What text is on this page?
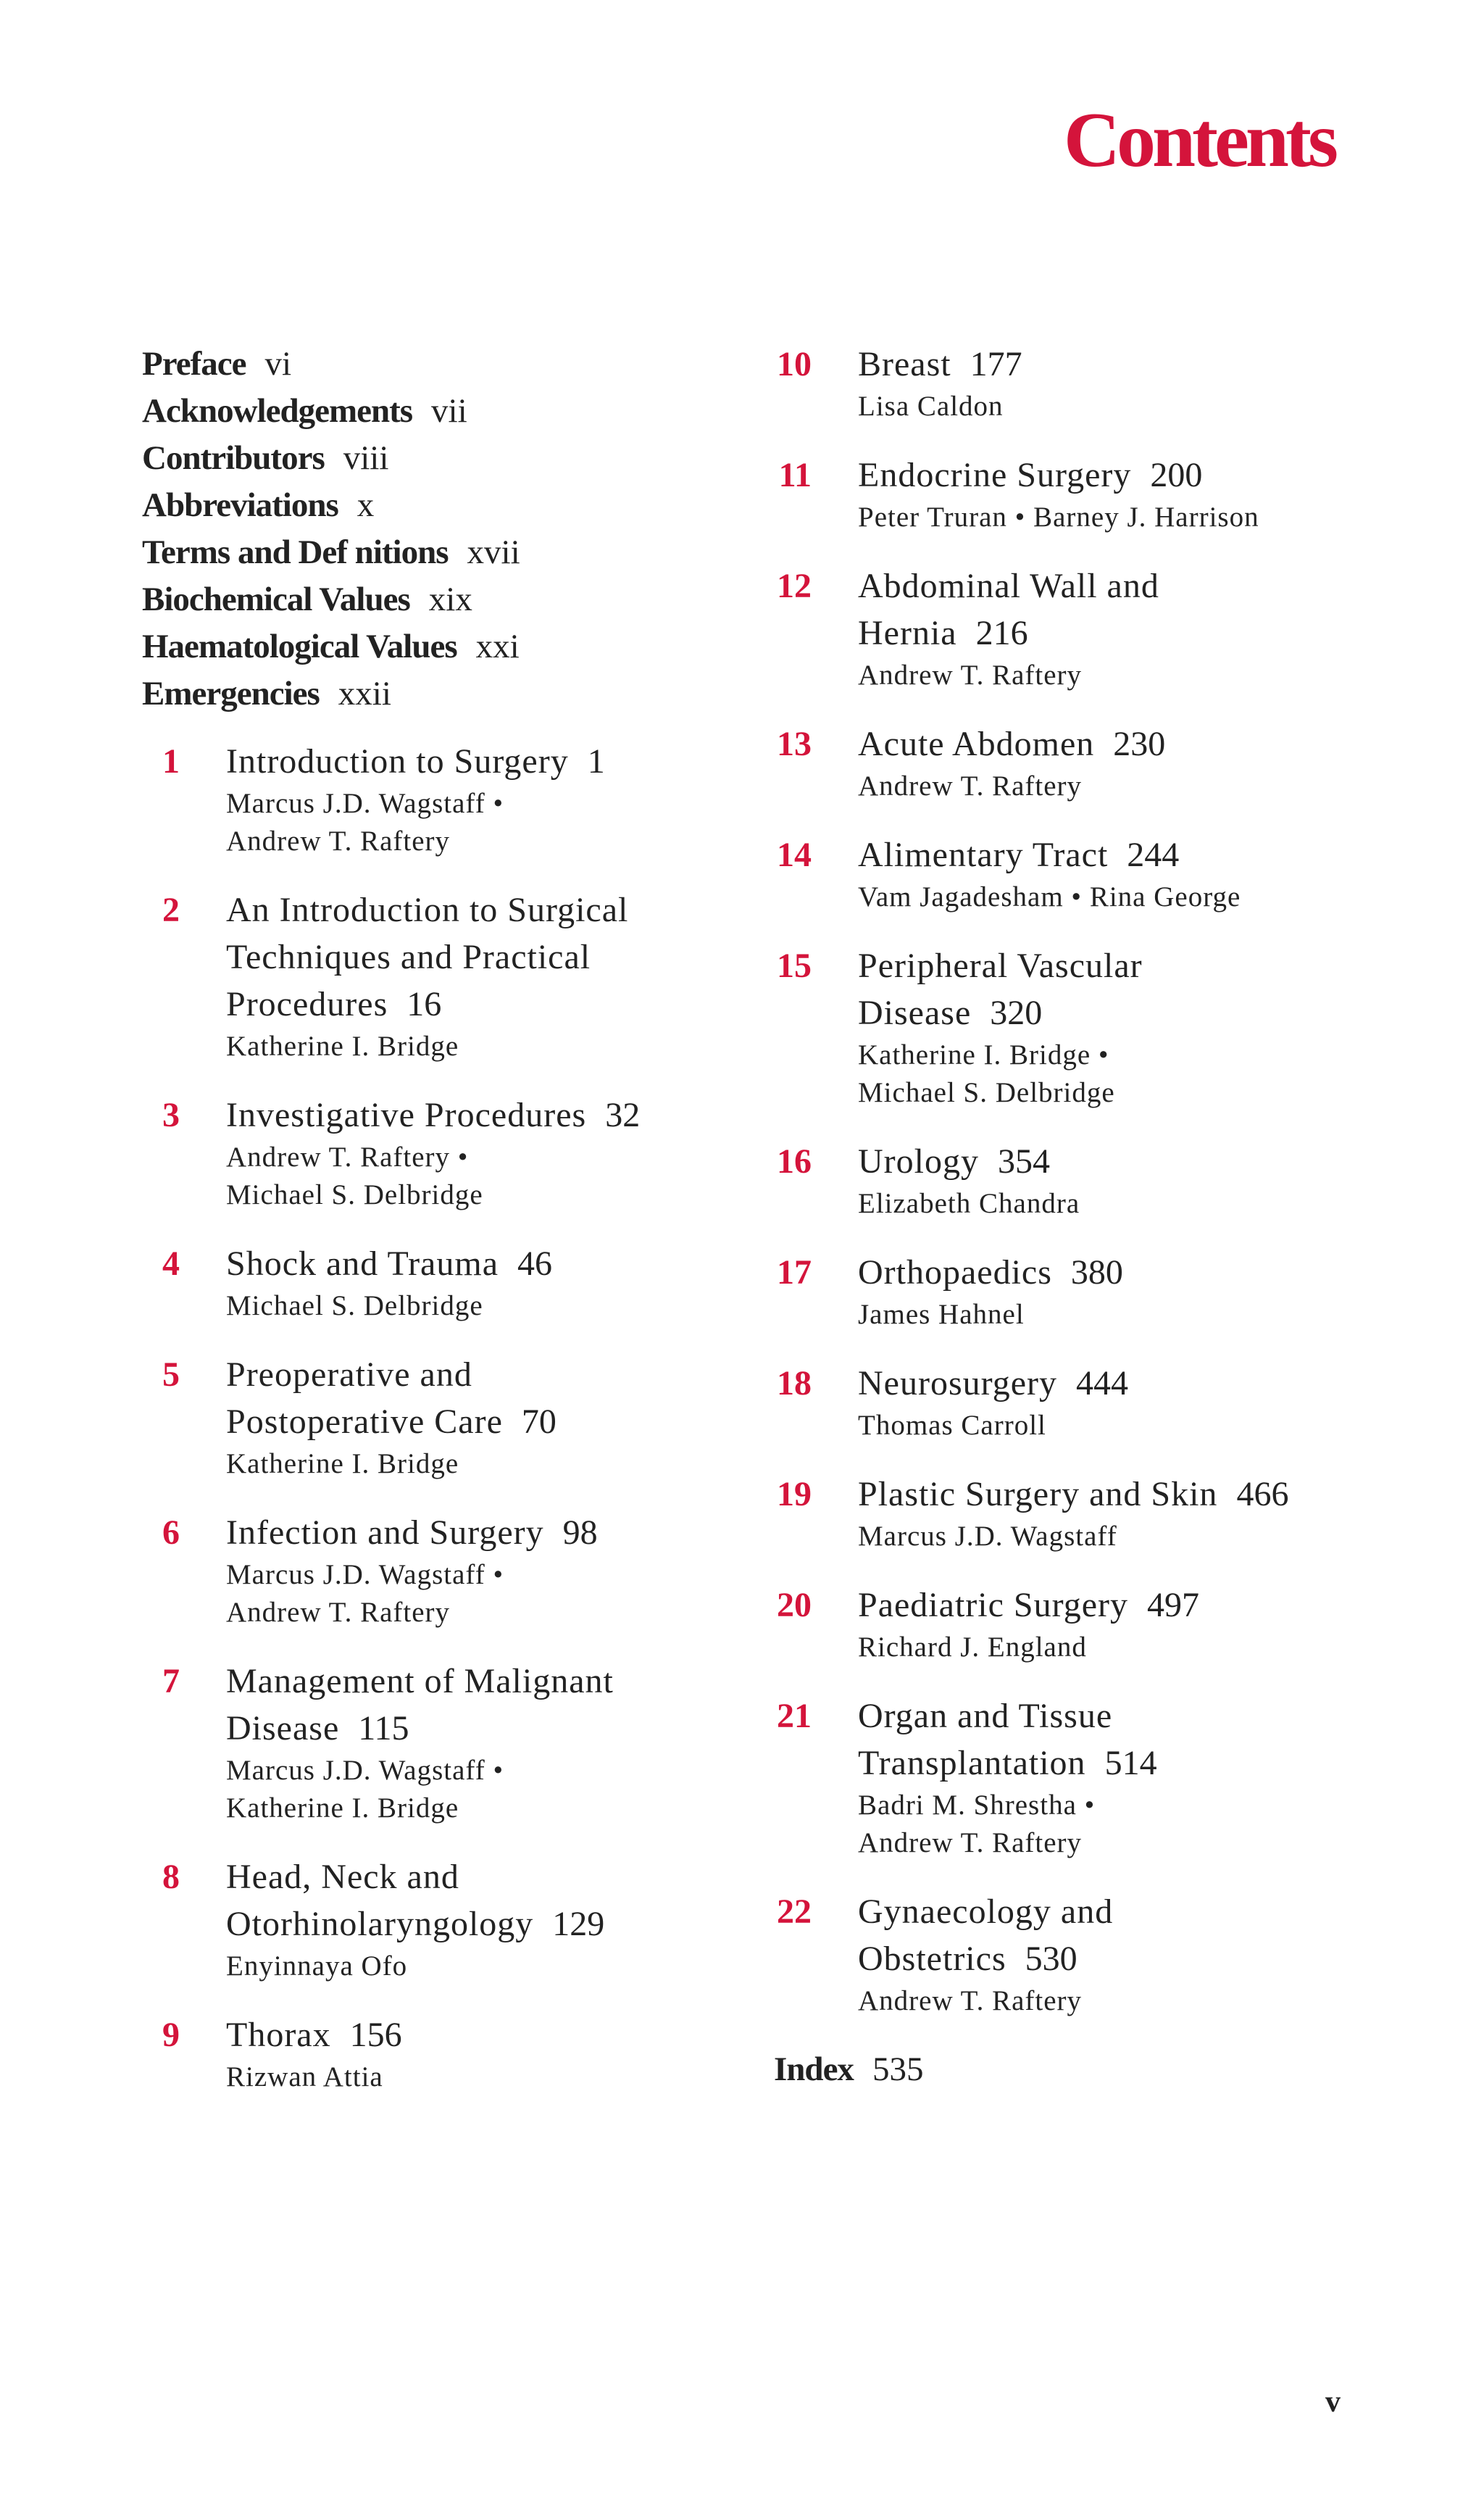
Contents
Preface vi
Acknowledgements vii
Contributors viii
Abbreviations x
Terms and Def nitions xvii
Biochemical Values xix
Haematological Values xxi
Emergencies xxii
1 Introduction to Surgery 1
Marcus J.D. Wagstaff •
Andrew T. Raftery
2 An Introduction to Surgical
Techniques and Practical
Procedures 16
Katherine I. Bridge
3 Investigative Procedures 32
Andrew T. Raftery •
Michael S. Delbridge
4 Shock and Trauma 46
Michael S. Delbridge
5 Preoperative and
Postoperative Care 70
Katherine I. Bridge
6 Infection and Surgery 98
Marcus J.D. Wagstaff •
Andrew T. Raftery
7 Management of Malignant
Disease 115
Marcus J.D. Wagstaff •
Katherine I. Bridge
8 Head, Neck and
Otorhinolaryngology 129
Enyinnaya Ofo
9 Thorax 156
Rizwan Attia
10 Breast 177
Lisa Caldon
11 Endocrine Surgery 200
Peter Truran • Barney J. Harrison
12 Abdominal Wall and
Hernia 216
Andrew T. Raftery
13 Acute Abdomen 230
Andrew T. Raftery
14 Alimentary Tract 244
Vam Jagadesham • Rina George
15 Peripheral Vascular
Disease 320
Katherine I. Bridge •
Michael S. Delbridge
16 Urology 354
Elizabeth Chandra
17 Orthopaedics 380
James Hahnel
18 Neurosurgery 444
Thomas Carroll
19 Plastic Surgery and Skin 466
Marcus J.D. Wagstaff
20 Paediatric Surgery 497
Richard J. England
21 Organ and Tissue
Transplantation 514
Badri M. Shrestha •
Andrew T. Raftery
22 Gynaecology and
Obstetrics 530
Andrew T. Raftery
Index 535
v
